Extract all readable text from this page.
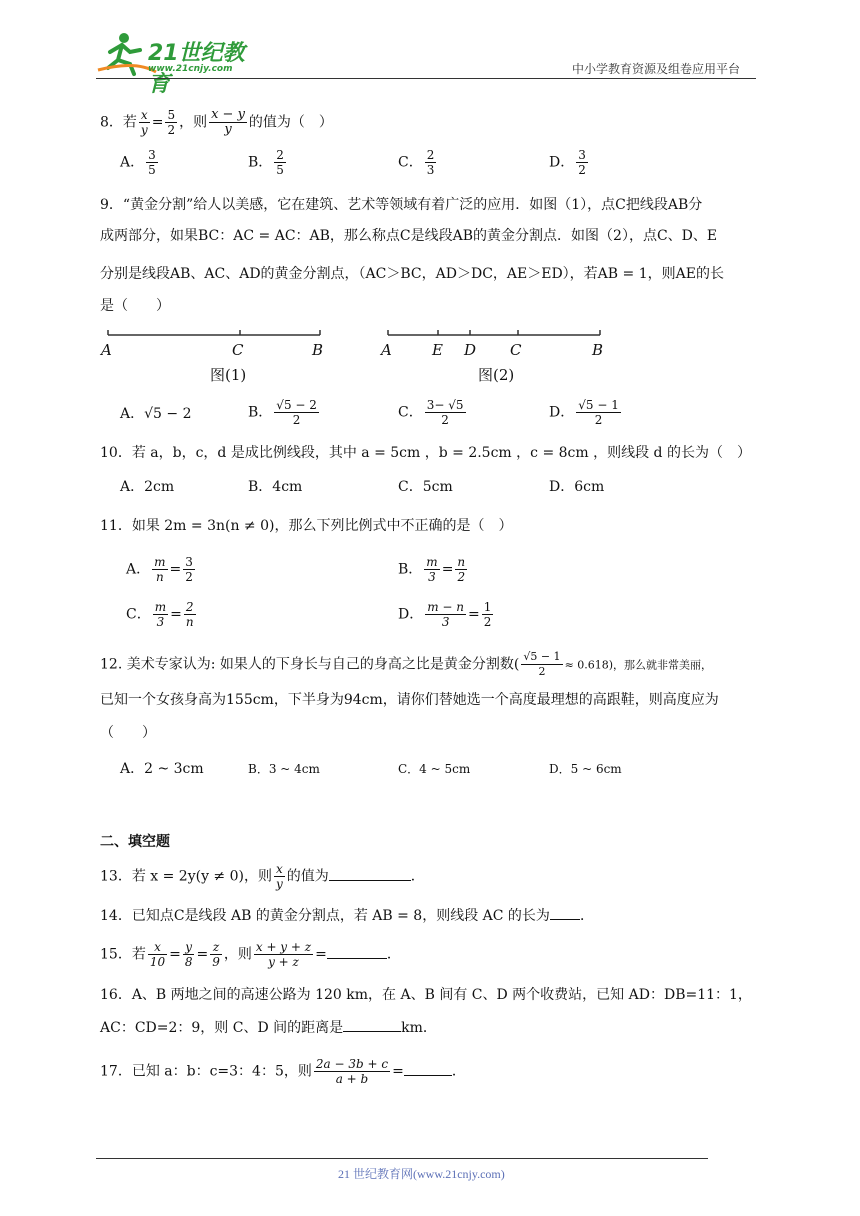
21世纪教育
www.21cnjy.com	中小学教育资源及组卷应用平台
8．若 $\frac{x}{y} = \frac{5}{2}$ ，则 $\frac{x - y}{y}$ 的值为（　）
A． $\frac{3}{5}$	B． $\frac{2}{5}$	C． $\frac{2}{3}$	D． $\frac{3}{2}$
9．“黄金分割”给人以美感，它在建筑、艺术等领域有着广泛的应用．如图（1），点C把线段AB分
成两部分，如果BC：AC = AC：AB，那么称点C是线段AB的黄金分割点．如图（2），点C、D、E
分别是线段AB、AC、AD的黄金分割点，（AC＞BC，AD＞DC，AE＞ED），若AB = 1，则AE的长
是（　　）
A	C	B
图(1)
A	E D C	B
图(2)
A．√5 − 2	B． $\frac{√5 - 2}{2}$	C． $\frac{3- √5}{2}$	D． $\frac{√5 - 1}{2}$
10．若 a，b，c，d 是成比例线段，其中 a = 5cm ，b = 2.5cm ，c = 8cm ，则线段 d 的长为（　）
A．2cm	B．4cm	C．5cm	D．6cm
11．如果 2m = 3n(n ≠ 0)，那么下列比例式中不正确的是（　）
A． $\frac{m}{n} = \frac{3}{2}$	B． $\frac{m}{3} = \frac{n}{2}$
C． $\frac{m}{3} = \frac{2}{n}$	D． $\frac{m - n}{3} = \frac{1}{2}$
12. 美术专家认为: 如果人的下身长与自己的身高之比是黄金分割数( $\frac{√5 - 1}{2} \approx 0.618$)，那么就非常美丽，
已知一个女孩身高为155cm，下半身为94cm，请你们替她选一个高度最理想的高跟鞋，则高度应为
（　　）
A．2 ~ 3cm	B．3 ~ 4cm	C．4 ~ 5cm	D．5 ~ 6cm
二、填空题
13．若 x = 2y(y ≠ 0)，则 $\frac{x}{y}$ 的值为	．
14．已知点C是线段 AB 的黄金分割点，若 AB = 8，则线段 AC 的长为 ．
15．若 $\frac{x}{10} = \frac{y}{8} = \frac{z}{9}$ ，则 $\frac{x + y + z}{y + z}$ =	．
16．A、B 两地之间的高速公路为 120 km，在 A、B 间有 C、D 两个收费站，已知 AD：DB=11：1，
AC：CD=2：9，则 C、D 间的距离是	km．
17．已知 a：b：c=3：4：5，则 $\frac{2a - 3b + c}{a + b}$ =	．
21 世纪教育网(www.21cnjy.com)
